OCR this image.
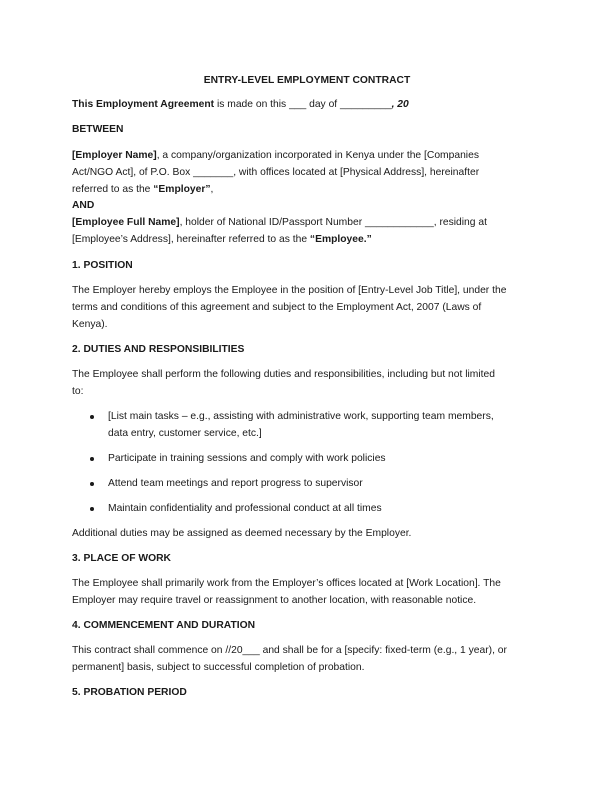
ENTRY-LEVEL EMPLOYMENT CONTRACT
This Employment Agreement is made on this ___ day of _________, 20
BETWEEN
[Employer Name], a company/organization incorporated in Kenya under the [Companies
Act/NGO Act], of P.O. Box _______, with offices located at [Physical Address], hereinafter
referred to as the “Employer”,
AND
[Employee Full Name], holder of National ID/Passport Number ____________, residing at
[Employee’s Address], hereinafter referred to as the “Employee.”
1. POSITION
The Employer hereby employs the Employee in the position of [Entry-Level Job Title], under the
terms and conditions of this agreement and subject to the Employment Act, 2007 (Laws of
Kenya).
2. DUTIES AND RESPONSIBILITIES
The Employee shall perform the following duties and responsibilities, including but not limited
to:
[List main tasks – e.g., assisting with administrative work, supporting team members,
data entry, customer service, etc.]
Participate in training sessions and comply with work policies
Attend team meetings and report progress to supervisor
Maintain confidentiality and professional conduct at all times
Additional duties may be assigned as deemed necessary by the Employer.
3. PLACE OF WORK
The Employee shall primarily work from the Employer’s offices located at [Work Location]. The
Employer may require travel or reassignment to another location, with reasonable notice.
4. COMMENCEMENT AND DURATION
This contract shall commence on //20___ and shall be for a [specify: fixed-term (e.g., 1 year), or
permanent] basis, subject to successful completion of probation.
5. PROBATION PERIOD
